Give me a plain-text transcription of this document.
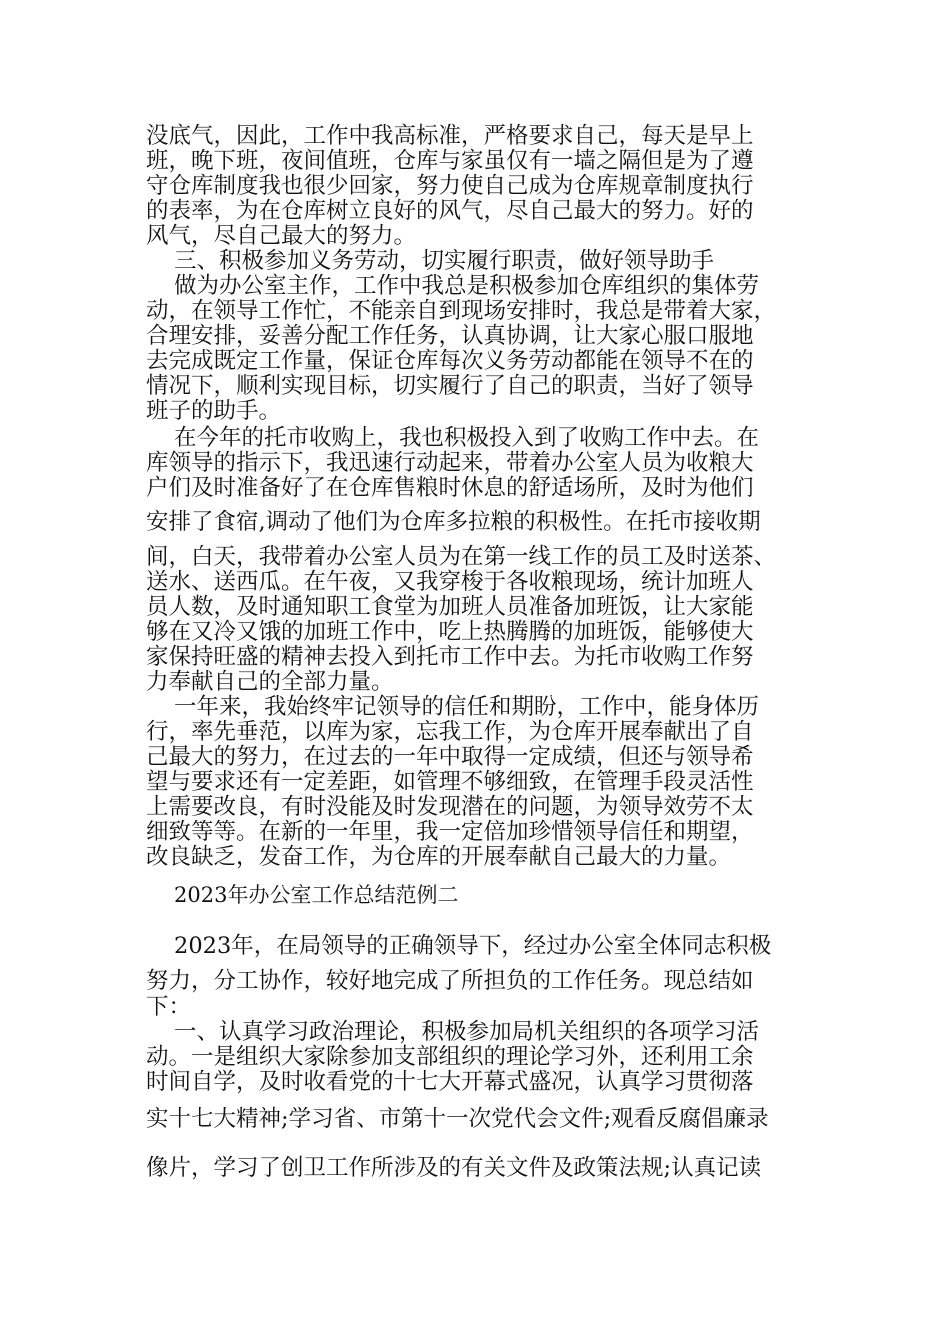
没底气，因此，工作中我高标准，严格要求自己，每天是早上
班，晚下班，夜间值班，仓库与家虽仅有一墙之隔但是为了遵
守仓库制度我也很少回家，努力使自己成为仓库规章制度执行
的表率，为在仓库树立良好的风气，尽自己最大的努力。好的
风气，尽自己最大的努力。
三、积极参加义务劳动，切实履行职责，做好领导助手
做为办公室主作，工作中我总是积极参加仓库组织的集体劳
动，在领导工作忙，不能亲自到现场安排时，我总是带着大家，
合理安排，妥善分配工作任务，认真协调，让大家心服口服地
去完成既定工作量，保证仓库每次义务劳动都能在领导不在的
情况下，顺利实现目标，切实履行了自己的职责，当好了领导
班子的助手。
在今年的托市收购上，我也积极投入到了收购工作中去。在
库领导的指示下，我迅速行动起来，带着办公室人员为收粮大
户们及时准备好了在仓库售粮时休息的舒适场所，及时为他们
安排了食宿,调动了他们为仓库多拉粮的积极性。在托市接收期
间，白天，我带着办公室人员为在第一线工作的员工及时送茶、
送水、送西瓜。在午夜，又我穿梭于各收粮现场，统计加班人
员人数，及时通知职工食堂为加班人员准备加班饭，让大家能
够在又冷又饿的加班工作中，吃上热腾腾的加班饭，能够使大
家保持旺盛的精神去投入到托市工作中去。为托市收购工作努
力奉献自己的全部力量。
一年来，我始终牢记领导的信任和期盼，工作中，能身体历
行，率先垂范，以库为家，忘我工作，为仓库开展奉献出了自
己最大的努力，在过去的一年中取得一定成绩，但还与领导希
望与要求还有一定差距，如管理不够细致，在管理手段灵活性
上需要改良，有时没能及时发现潜在的问题，为领导效劳不太
细致等等。在新的一年里，我一定倍加珍惜领导信任和期望，
改良缺乏，发奋工作，为仓库的开展奉献自己最大的力量。
2023年办公室工作总结范例二
2023年，在局领导的正确领导下，经过办公室全体同志积极
努力，分工协作，较好地完成了所担负的工作任务。现总结如
下：
一、认真学习政治理论，积极参加局机关组织的各项学习活
动。一是组织大家除参加支部组织的理论学习外，还利用工余
时间自学，及时收看党的十七大开幕式盛况，认真学习贯彻落
实十七大精神;学习省、市第十一次党代会文件;观看反腐倡廉录
像片，学习了创卫工作所涉及的有关文件及政策法规;认真记读
